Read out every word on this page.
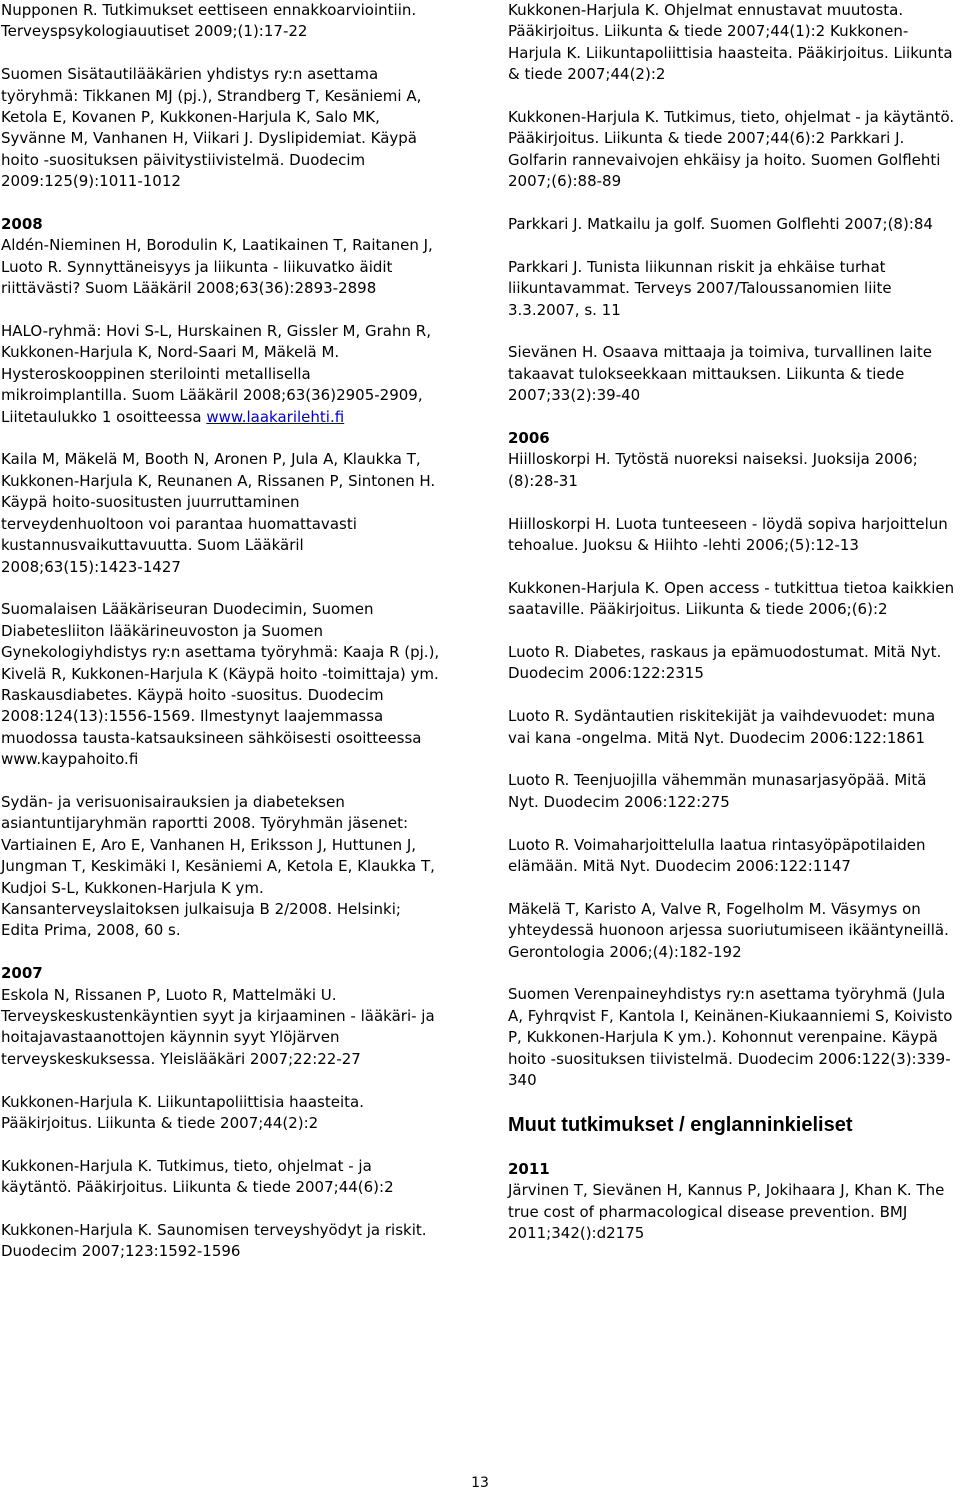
Nupponen R. Tutkimukset eettiseen ennakkoarviointiin. Terveyspsykologiauutiset 2009;(1):17-22

Suomen Sisätautilääkärien yhdistys ry:n asettama työryhmä: Tikkanen MJ (pj.), Strandberg T, Kesäniemi A, Ketola E, Kovanen P, Kukkonen-Harjula K, Salo MK, Syvänne M, Vanhanen H, Viikari J. Dyslipidemiat. Käypä hoito -suosituksen päivitystiivistelmä. Duodecim 2009:125(9):1011-1012

2008

Aldén-Nieminen H, Borodulin K, Laatikainen T, Raitanen J, Luoto R. Synnyttäneisyys ja liikunta - liikuvatko äidit riittävästi? Suom Lääkäril 2008;63(36):2893-2898

HALO-ryhmä: Hovi S-L, Hurskainen R, Gissler M, Grahn R, Kukkonen-Harjula K, Nord-Saari M, Mäkelä M. Hysteroskooppinen sterilointi metallisella mikroimplantilla. Suom Lääkäril 2008;63(36)2905-2909, Liitetaulukko 1 osoitteessa www.laakarilehti.fi

Kaila M, Mäkelä M, Booth N, Aronen P, Jula A, Klaukka T, Kukkonen-Harjula K, Reunanen A, Rissanen P, Sintonen H. Käypä hoito-suositusten juurruttaminen terveydenhuoltoon voi parantaa huomattavasti kustannusvaikuttavuutta. Suom Lääkäril 2008;63(15):1423-1427

Suomalaisen Lääkäriseuran Duodecimin, Suomen Diabetesliiton lääkärineuvoston ja Suomen Gynekologiyhdistys ry:n asettama työryhmä: Kaaja R (pj.), Kivelä R, Kukkonen-Harjula K (Käypä hoito -toimittaja) ym. Raskausdiabetes. Käypä hoito -suositus. Duodecim 2008:124(13):1556-1569. Ilmestynyt laajemmassa muodossa tausta-katsauksineen sähköisesti osoitteessa www.kaypahoito.fi

Sydän- ja verisuonisairauksien ja diabeteksen asiantuntijaryhmän raportti 2008. Työryhmän jäsenet: Vartiainen E, Aro E, Vanhanen H, Eriksson J, Huttunen J, Jungman T, Keskimäki I, Kesäniemi A, Ketola E, Klaukka T, Kudjoi S-L, Kukkonen-Harjula K ym. Kansanterveyslaitoksen julkaisuja B 2/2008. Helsinki; Edita Prima, 2008, 60 s.

2007

Eskola N, Rissanen P, Luoto R, Mattelmäki U. Terveyskeskustenkäyntien syyt ja kirjaaminen - lääkäri- ja hoitajavastaanottojen käynnin syyt Ylöjärven terveyskeskuksessa. Yleislääkäri 2007;22:22-27

Kukkonen-Harjula K. Liikuntapoliittisia haasteita. Pääkirjoitus. Liikunta & tiede 2007;44(2):2

Kukkonen-Harjula K. Tutkimus, tieto, ohjelmat - ja käytäntö. Pääkirjoitus. Liikunta & tiede 2007;44(6):2

Kukkonen-Harjula K. Saunomisen terveyshyödyt ja riskit. Duodecim 2007;123:1592-1596

Kukkonen-Harjula K. Ohjelmat ennustavat muutosta. Pääkirjoitus. Liikunta & tiede 2007;44(1):2 Kukkonen-Harjula K. Liikuntapoliittisia haasteita. Pääkirjoitus. Liikunta & tiede 2007;44(2):2

Kukkonen-Harjula K. Tutkimus, tieto, ohjelmat - ja käytäntö. Pääkirjoitus. Liikunta & tiede 2007;44(6):2 Parkkari J. Golfarin rannevaivojen ehkäisy ja hoito. Suomen Golflehti 2007;(6):88-89

Parkkari J. Matkailu ja golf. Suomen Golflehti 2007;(8):84

Parkkari J. Tunista liikunnan riskit ja ehkäise turhat liikuntavammat. Terveys 2007/Taloussanomien liite 3.3.2007, s. 11

Sievänen H. Osaava mittaaja ja toimiva, turvallinen laite takaavat tulokseekkaan mittauksen. Liikunta & tiede 2007;33(2):39-40

2006

Hiilloskorpi H. Tytöstä nuoreksi naiseksi. Juoksija 2006;(8):28-31

Hiilloskorpi H. Luota tunteeseen - löydä sopiva harjoittelun tehoalue. Juoksu & Hiihto -lehti 2006;(5):12-13

Kukkonen-Harjula K. Open access - tutkittua tietoa kaikkien saataville. Pääkirjoitus. Liikunta & tiede 2006;(6):2

Luoto R. Diabetes, raskaus ja epämuodostumat. Mitä Nyt. Duodecim 2006:122:2315

Luoto R. Sydäntautien riskitekijät ja vaihdevuodet: muna vai kana -ongelma. Mitä Nyt. Duodecim 2006:122:1861

Luoto R. Teenjuojilla vähemmän munasarjasyöpää. Mitä Nyt. Duodecim 2006:122:275

Luoto R. Voimaharjoittelulla laatua rintasyöpäpotilaiden elämään. Mitä Nyt. Duodecim 2006:122:1147

Mäkelä T, Karisto A, Valve R, Fogelholm M. Väsymys on yhteydessä huonoon arjessa suoriutumiseen ikääntyneillä. Gerontologia 2006;(4):182-192

Suomen Verenpaineyhdistys ry:n asettama työryhmä (Jula A, Fyhrqvist F, Kantola I, Keinänen-Kiukaanniemi S, Koivisto P, Kukkonen-Harjula K ym.). Kohonnut verenpaine. Käypä hoito -suosituksen tiivistelmä. Duodecim 2006:122(3):339-340

Muut tutkimukset / englanninkieliset

2011

Järvinen T, Sievänen H, Kannus P, Jokihaara J, Khan K. The true cost of pharmacological disease prevention. BMJ 2011;342():d2175

13
